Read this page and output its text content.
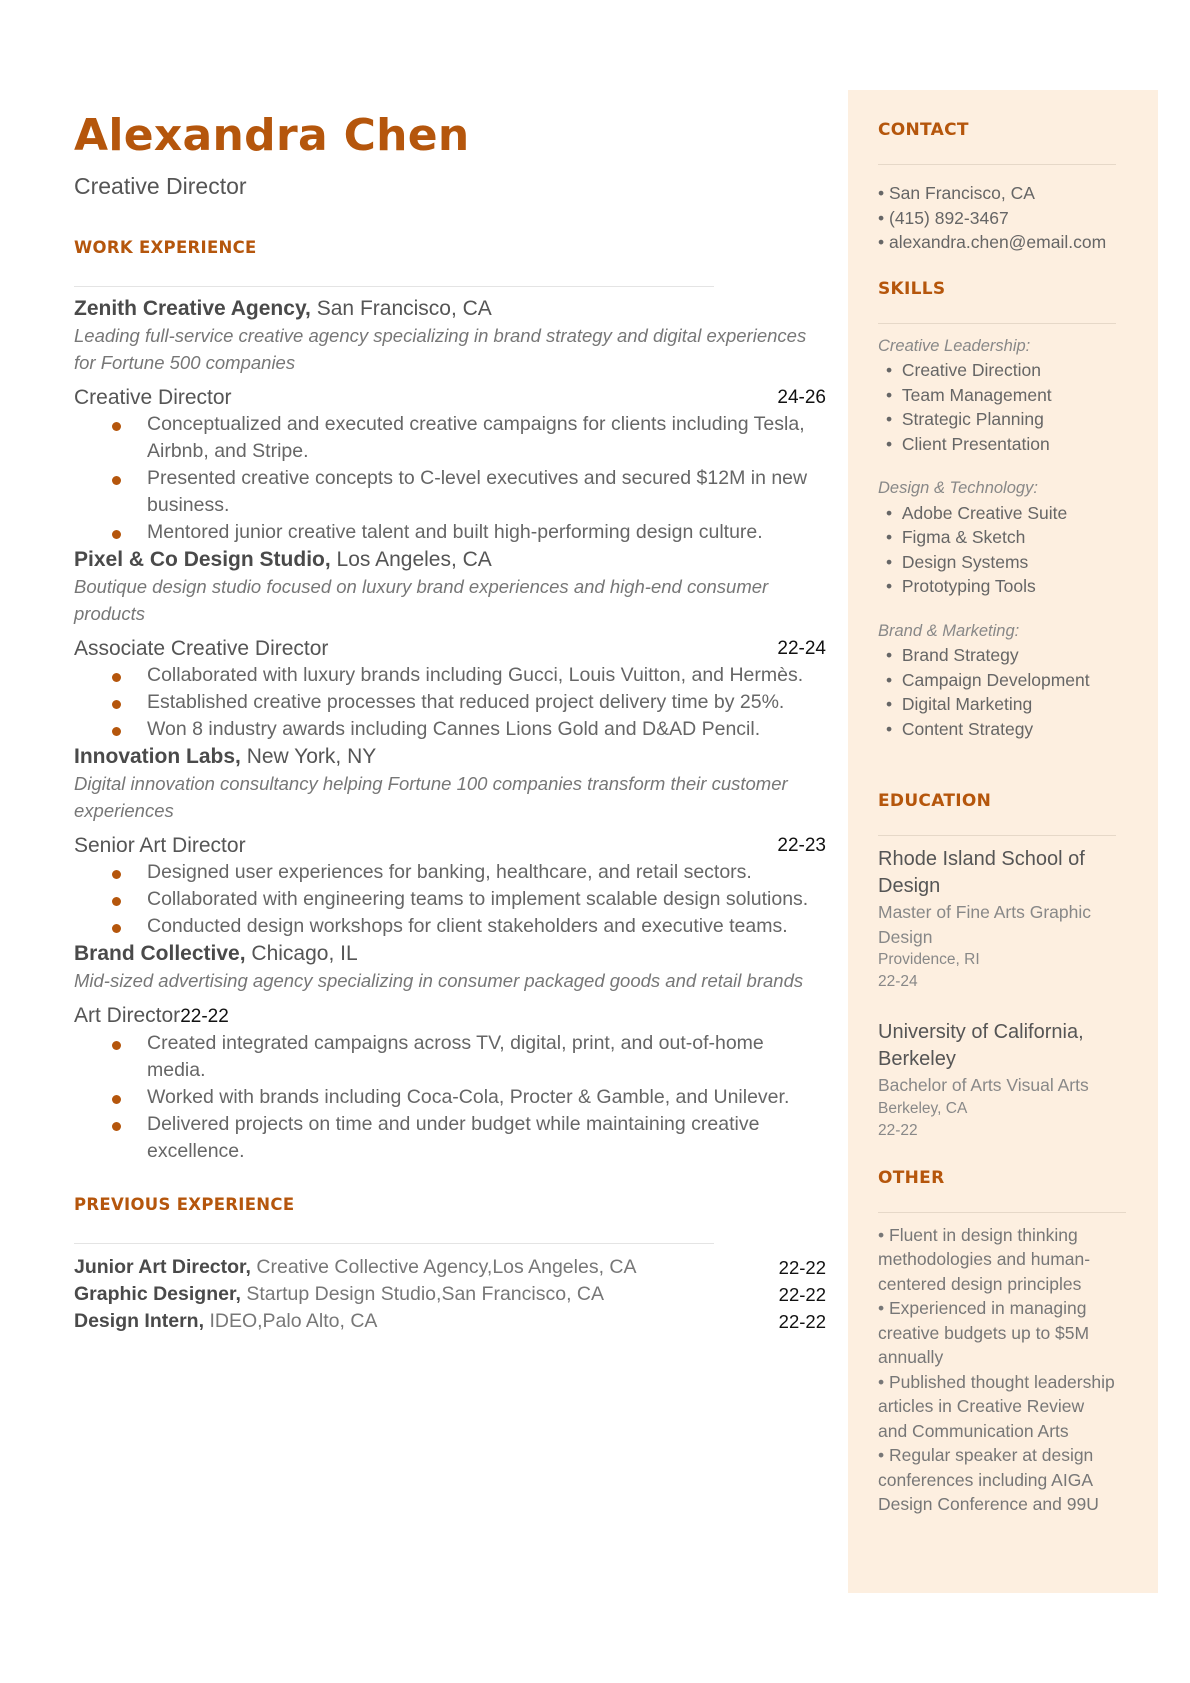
Alexandra Chen
Creative Director
WORK EXPERIENCE
Zenith Creative Agency, San Francisco, CA
Leading full-service creative agency specializing in brand strategy and digital experiences for Fortune 500 companies
Creative Director	24-26
Conceptualized and executed creative campaigns for clients including Tesla, Airbnb, and Stripe.
Presented creative concepts to C-level executives and secured $12M in new business.
Mentored junior creative talent and built high-performing design culture.
Pixel & Co Design Studio, Los Angeles, CA
Boutique design studio focused on luxury brand experiences and high-end consumer products
Associate Creative Director	22-24
Collaborated with luxury brands including Gucci, Louis Vuitton, and Hermès.
Established creative processes that reduced project delivery time by 25%.
Won 8 industry awards including Cannes Lions Gold and D&AD Pencil.
Innovation Labs, New York, NY
Digital innovation consultancy helping Fortune 100 companies transform their customer experiences
Senior Art Director	22-23
Designed user experiences for banking, healthcare, and retail sectors.
Collaborated with engineering teams to implement scalable design solutions.
Conducted design workshops for client stakeholders and executive teams.
Brand Collective, Chicago, IL
Mid-sized advertising agency specializing in consumer packaged goods and retail brands
Art Director22-22
Created integrated campaigns across TV, digital, print, and out-of-home media.
Worked with brands including Coca-Cola, Procter & Gamble, and Unilever.
Delivered projects on time and under budget while maintaining creative excellence.
PREVIOUS EXPERIENCE
Junior Art Director, Creative Collective Agency,Los Angeles, CA	22-22
Graphic Designer, Startup Design Studio,San Francisco, CA	22-22
Design Intern, IDEO,Palo Alto, CA	22-22
CONTACT
• San Francisco, CA
• (415) 892-3467
• alexandra.chen@email.com
SKILLS
Creative Leadership:
•  Creative Direction
•  Team Management
•  Strategic Planning
•  Client Presentation
Design & Technology:
•  Adobe Creative Suite
•  Figma & Sketch
•  Design Systems
•  Prototyping Tools
Brand & Marketing:
•  Brand Strategy
•  Campaign Development
•  Digital Marketing
•  Content Strategy
EDUCATION
Rhode Island School of Design
Master of Fine Arts Graphic Design
Providence, RI
22-24
University of California, Berkeley
Bachelor of Arts Visual Arts
Berkeley, CA
22-22
OTHER
• Fluent in design thinking methodologies and human-centered design principles
• Experienced in managing creative budgets up to $5M annually
• Published thought leadership articles in Creative Review and Communication Arts
• Regular speaker at design conferences including AIGA Design Conference and 99U
